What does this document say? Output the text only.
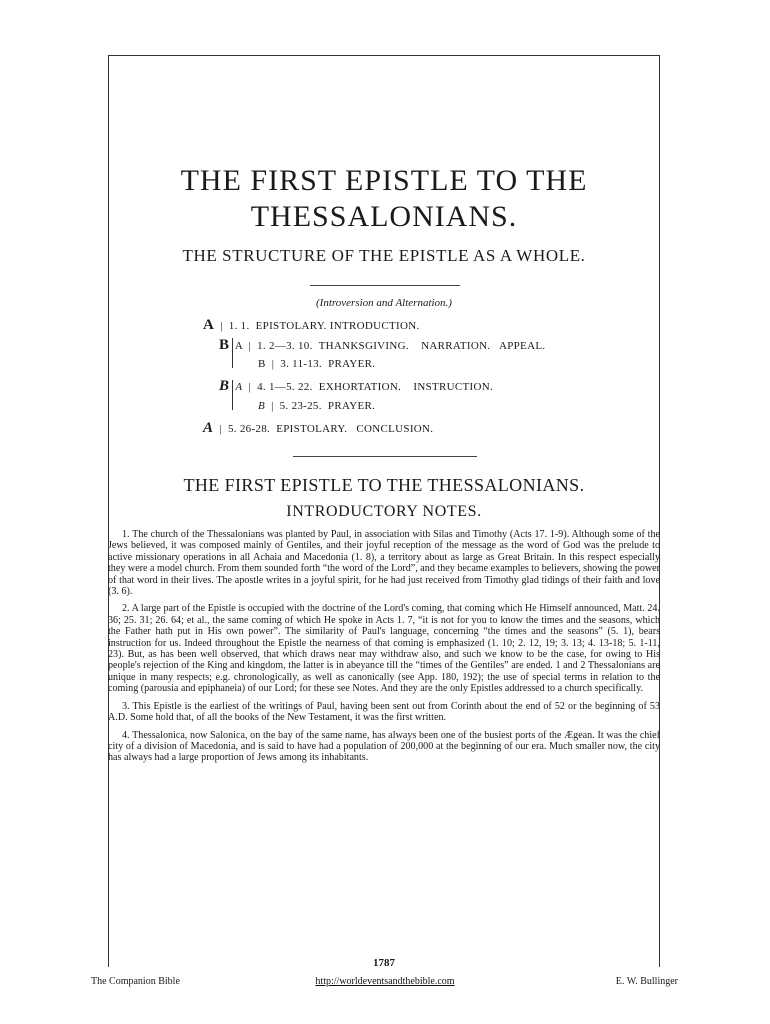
THE FIRST EPISTLE TO THE
THESSALONIANS.
THE STRUCTURE OF THE EPISTLE AS A WHOLE.
(Introversion and Alternation.)
A | 1. 1. EPISTOLARY. INTRODUCTION.
B A | 1. 2—3. 10. THANKSGIVING.    NARRATION.   APPEAL.
B | 3. 11-13. PRAYER.
B A | 4. 1—5. 22. EXHORTATION.    INSTRUCTION.
B | 5. 23-25. PRAYER.
A | 5. 26-28. EPISTOLARY.   CONCLUSION.
THE FIRST EPISTLE TO THE THESSALONIANS.
INTRODUCTORY NOTES.

1. The church of the Thessalonians was planted by Paul, in association with Silas and Timothy (Acts 17. 1-9). Although some of the Jews believed, it was composed mainly of Gentiles, and their joyful reception of the message as the word of God was the prelude to active missionary operations in all Achaia and Macedonia (1. 8), a territory about as large as Great Britain. In this respect especially they were a model church. From them sounded forth “the word of the Lord”, and they became examples to believers, showing the power of that word in their lives. The apostle writes in a joyful spirit, for he had just received from Timothy glad tidings of their faith and love (3. 6).

2. A large part of the Epistle is occupied with the doctrine of the Lord's coming, that coming which He Himself announced, Matt. 24. 36; 25. 31; 26. 64; et al., the same coming of which He spoke in Acts 1. 7, “it is not for you to know the times and the seasons, which the Father hath put in His own power”. The similarity of Paul's language, concerning “the times and the seasons” (5. 1), bears instruction for us. Indeed throughout the Epistle the nearness of that coming is emphasized (1. 10; 2. 12, 19; 3. 13; 4. 13-18; 5. 1-11, 23). But, as has been well observed, that which draws near may withdraw also, and such we know to be the case, for owing to His people's rejection of the King and kingdom, the latter is in abeyance till the “times of the Gentiles” are ended. 1 and 2 Thessalonians are unique in many respects; e.g. chronologically, as well as canonically (see App. 180, 192); the use of special terms in relation to the coming (parousia and epiphaneia) of our Lord; for these see Notes. And they are the only Epistles addressed to a church specifically.

3. This Epistle is the earliest of the writings of Paul, having been sent out from Corinth about the end of 52 or the beginning of 53 A.D. Some hold that, of all the books of the New Testament, it was the first written.

4. Thessalonica, now Salonica, on the bay of the same name, has always been one of the busiest ports of the Ægean. It was the chief city of a division of Macedonia, and is said to have had a population of 200,000 at the beginning of our era. Much smaller now, the city has always had a large proportion of Jews among its inhabitants.

1787
The Companion Bible	http://worldeventsandthebible.com	E. W. Bullinger
